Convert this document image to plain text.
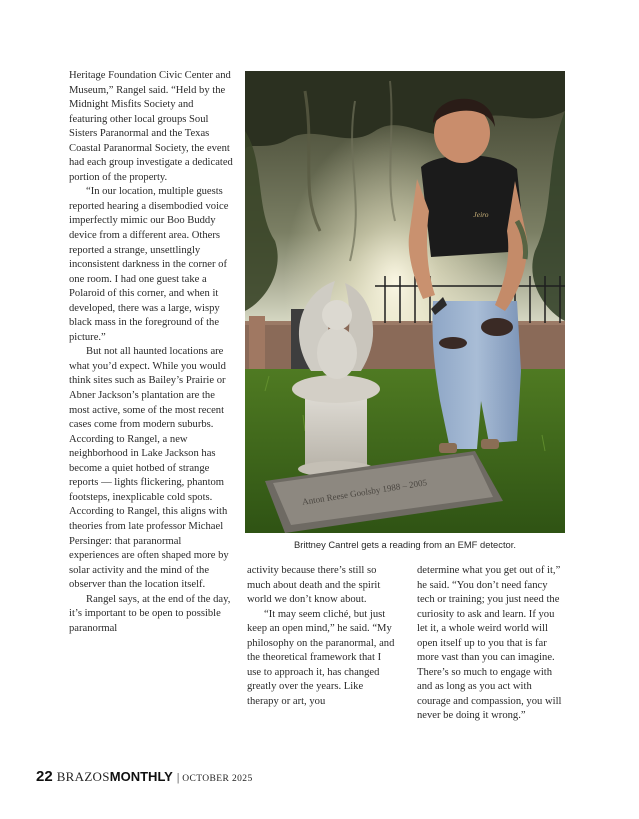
Heritage Foundation Civic Center and Museum,” Rangel said. “Held by the Midnight Misfits Society and featuring other local groups Soul Sisters Paranormal and the Texas Coastal Paranormal Society, the event had each group investigate a dedicated portion of the property.

“In our location, multiple guests reported hearing a disembodied voice imperfectly mimic our Boo Buddy device from a different area. Others reported a strange, unsettlingly inconsistent darkness in the corner of one room. I had one guest take a Polaroid of this corner, and when it developed, there was a large, wispy black mass in the foreground of the picture.”

But not all haunted locations are what you’d expect. While you would think sites such as Bailey’s Prairie or Abner Jackson’s plantation are the most active, some of the most recent cases come from modern suburbs. According to Rangel, a new neighborhood in Lake Jackson has become a quiet hotbed of strange reports — lights flickering, phantom footsteps, inexplicable cold spots. According to Rangel, this aligns with theories from late professor Michael Persinger: that paranormal experiences are often shaped more by solar activity and the mind of the observer than the location itself.

Rangel says, at the end of the day, it’s important to be open to possible paranormal

Anton Reese Goolsby 1988 – 2005
Jeiro
Brittney Cantrel gets a reading from an EMF detector.

activity because there’s still so much about death and the spirit world we don’t know about.

“It may seem cliché, but just keep an open mind,” he said. “My philosophy on the paranormal, and the theoretical framework that I use to approach it, has changed greatly over the years. Like therapy or art, you

determine what you get out of it,” he said. “You don’t need fancy tech or training; you just need the curiosity to ask and learn. If you let it, a whole weird world will open itself up to you that is far more vast than you can imagine. There’s so much to engage with and as long as you act with courage and compassion, you will never be doing it wrong.”

22 BRAZOS MONTHLY | OCTOBER 2025
